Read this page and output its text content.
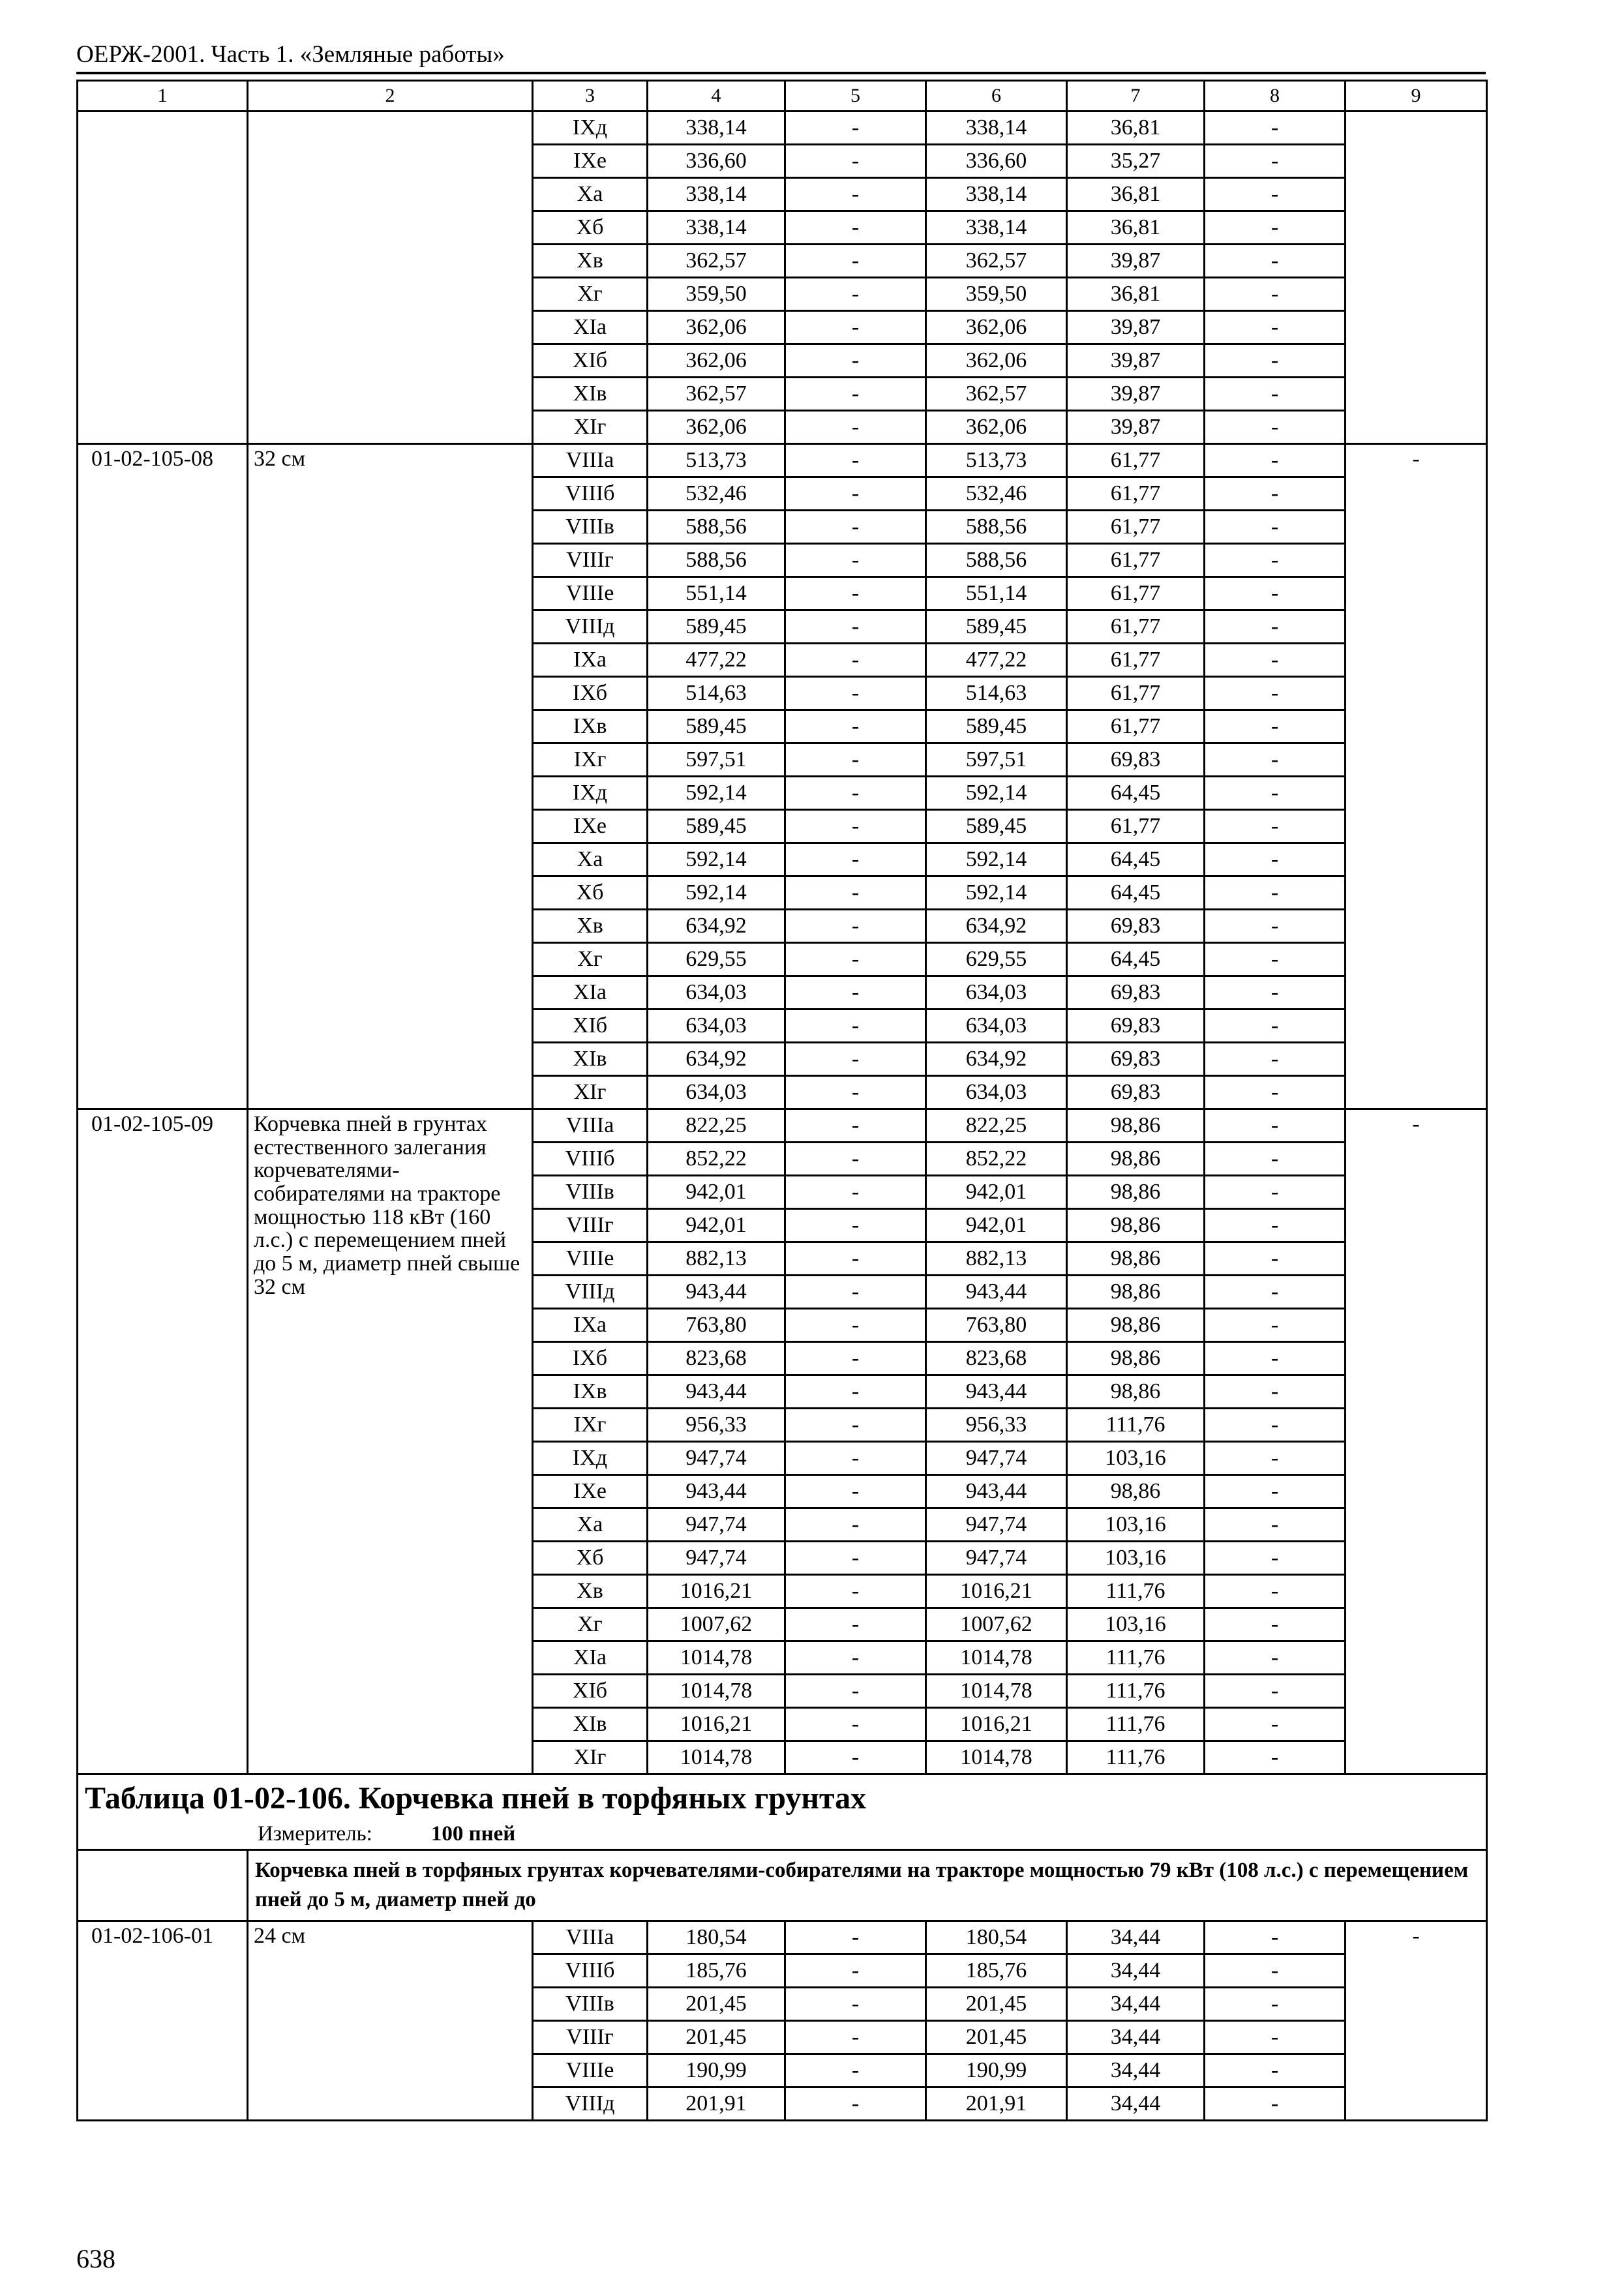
ОЕРЖ-2001. Часть 1. «Земляные работы»
1	2	3	4	5	6	7	8	9
		IXд	338,14	-	338,14	36,81	-	
		IXе	336,60	-	336,60	35,27	-	
		Xа	338,14	-	338,14	36,81	-	
		Xб	338,14	-	338,14	36,81	-	
		Xв	362,57	-	362,57	39,87	-	
		Xг	359,50	-	359,50	36,81	-	
		XIа	362,06	-	362,06	39,87	-	
		XIб	362,06	-	362,06	39,87	-	
		XIв	362,57	-	362,57	39,87	-	
		XIг	362,06	-	362,06	39,87	-	
01-02-105-08	32 см	VIIIа	513,73	-	513,73	61,77	-	-
		VIIIб	532,46	-	532,46	61,77	-	
		VIIIв	588,56	-	588,56	61,77	-	
		VIIIг	588,56	-	588,56	61,77	-	
		VIIIе	551,14	-	551,14	61,77	-	
		VIIIд	589,45	-	589,45	61,77	-	
		IXа	477,22	-	477,22	61,77	-	
		IXб	514,63	-	514,63	61,77	-	
		IXв	589,45	-	589,45	61,77	-	
		IXг	597,51	-	597,51	69,83	-	
		IXд	592,14	-	592,14	64,45	-	
		IXе	589,45	-	589,45	61,77	-	
		Xа	592,14	-	592,14	64,45	-	
		Xб	592,14	-	592,14	64,45	-	
		Xв	634,92	-	634,92	69,83	-	
		Xг	629,55	-	629,55	64,45	-	
		XIа	634,03	-	634,03	69,83	-	
		XIб	634,03	-	634,03	69,83	-	
		XIв	634,92	-	634,92	69,83	-	
		XIг	634,03	-	634,03	69,83	-	
01-02-105-09	Корчевка пней в грунтах естественного залегания корчевателями-собирателями на тракторе мощностью 118 кВт (160 л.с.) с перемещением пней до 5 м, диаметр пней свыше 32 см	VIIIа	822,25	-	822,25	98,86	-	-
		VIIIб	852,22	-	852,22	98,86	-	
		VIIIв	942,01	-	942,01	98,86	-	
		VIIIг	942,01	-	942,01	98,86	-	
		VIIIе	882,13	-	882,13	98,86	-	
		VIIIд	943,44	-	943,44	98,86	-	
		IXа	763,80	-	763,80	98,86	-	
		IXб	823,68	-	823,68	98,86	-	
		IXв	943,44	-	943,44	98,86	-	
		IXг	956,33	-	956,33	111,76	-	
		IXд	947,74	-	947,74	103,16	-	
		IXе	943,44	-	943,44	98,86	-	
		Xа	947,74	-	947,74	103,16	-	
		Xб	947,74	-	947,74	103,16	-	
		Xв	1016,21	-	1016,21	111,76	-	
		Xг	1007,62	-	1007,62	103,16	-	
		XIа	1014,78	-	1014,78	111,76	-	
		XIб	1014,78	-	1014,78	111,76	-	
		XIв	1016,21	-	1016,21	111,76	-	
		XIг	1014,78	-	1014,78	111,76	-	

Таблица 01-02-106. Корчевка пней в торфяных грунтах
Измеритель: 100 пней								

	Корчевка пней в торфяных грунтах корчевателями-собирателями на тракторе мощностью 79 кВт (108 л.с.) с перемещением пней до 5 м, диаметр пней до							
01-02-106-01	24 см	VIIIа	180,54	-	180,54	34,44	-	-
		VIIIб	185,76	-	185,76	34,44	-	
		VIIIв	201,45	-	201,45	34,44	-	
		VIIIг	201,45	-	201,45	34,44	-	
		VIIIе	190,99	-	190,99	34,44	-	
		VIIIд	201,91	-	201,91	34,44	-	
638
